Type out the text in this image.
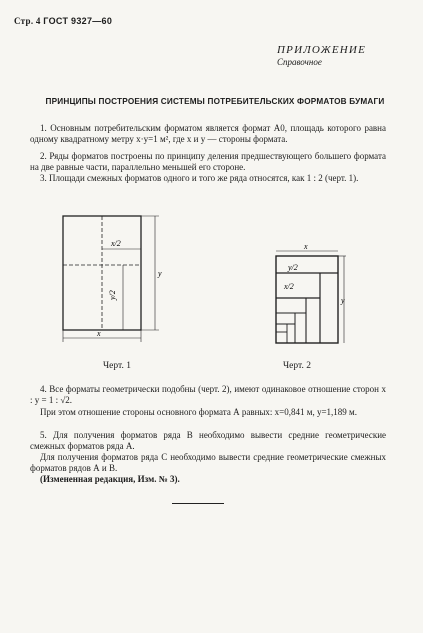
Стр. 4 ГОСТ 9327—60
ПРИЛОЖЕНИЕ
Справочное
ПРИНЦИПЫ ПОСТРОЕНИЯ СИСТЕМЫ ПОТРЕБИТЕЛЬСКИХ ФОРМАТОВ БУМАГИ
1. Основным потребительским форматом является формат А0, площадь которого равна одному квадратному метру x·y=1 м², где x и y — стороны формата.
2. Ряды форматов построены по принципу деления предшествующего большего формата на две равные части, параллельно меньшей его стороне.
3. Площади смежных форматов одного и того же ряда относятся, как 1 : 2 (черт. 1).
x/2
y/2
y
x
x
y/2
x/2
y
Черт. 1	Черт. 2
4. Все форматы геометрически подобны (черт. 2), имеют одинаковое отношение сторон x : y = 1 : √2.
При этом отношение стороны основного формата А равных: x=0,841 м, y=1,189 м.
5. Для получения форматов ряда В необходимо вывести средние геометрические смежных форматов ряда А.
Для получения форматов ряда С необходимо вывести средние геометрические смежных форматов рядов А и В.
(Измененная редакция, Изм. № 3).
